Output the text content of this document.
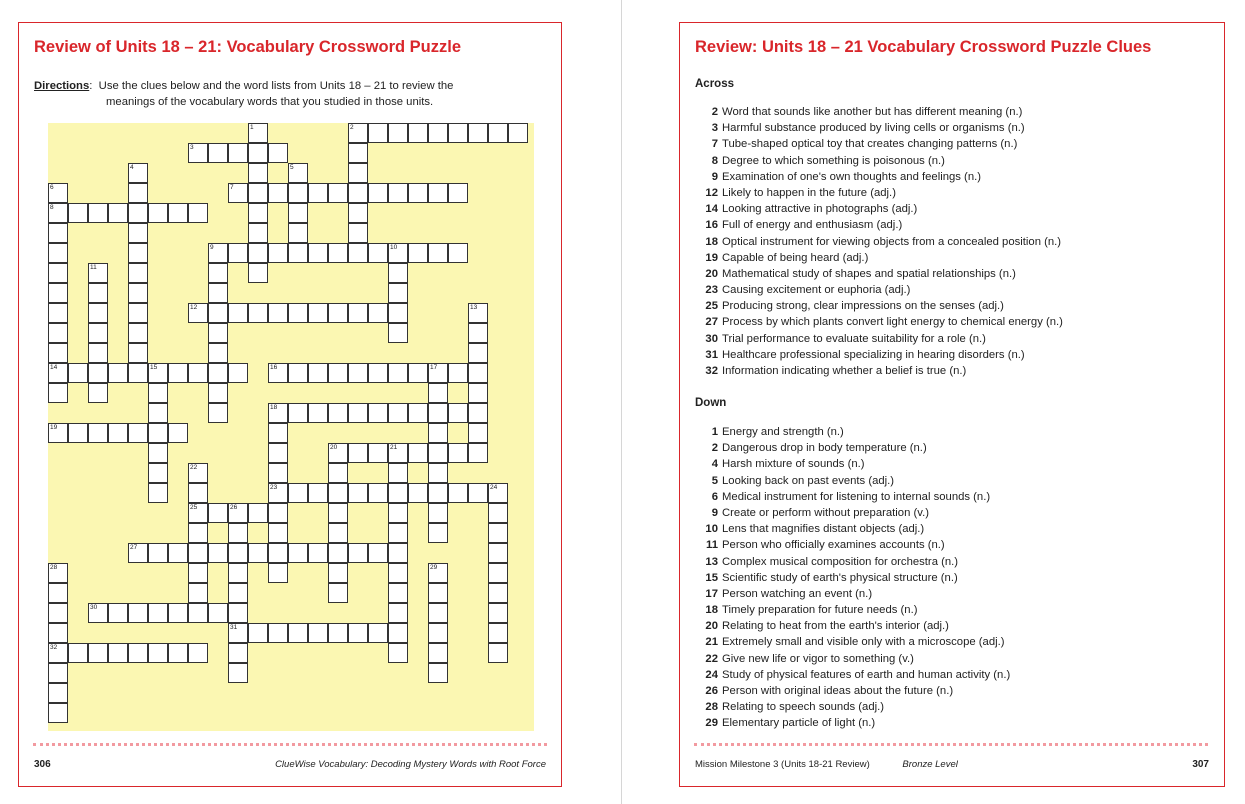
Review of Units 18 – 21: Vocabulary Crossword Puzzle
Directions:  Use the clues below and the word lists from Units 18 – 21 to review the
meanings of the vocabulary words that you studied in those units.
1	2
3
4	5
6	7
8
9	10
11
12	13
14	15	16	17
18
19
20	21
22
23	24
25	26
27
28	29
30
31
32
306	ClueWise Vocabulary: Decoding Mystery Words with Root Force
Review: Units 18 – 21 Vocabulary Crossword Puzzle Clues
Across
2 Word that sounds like another but has different meaning (n.)
3 Harmful substance produced by living cells or organisms (n.)
7 Tube-shaped optical toy that creates changing patterns (n.)
8 Degree to which something is poisonous (n.)
9 Examination of one's own thoughts and feelings (n.)
12 Likely to happen in the future (adj.)
14 Looking attractive in photographs (adj.)
16 Full of energy and enthusiasm (adj.)
18 Optical instrument for viewing objects from a concealed position (n.)
19 Capable of being heard (adj.)
20 Mathematical study of shapes and spatial relationships (n.)
23 Causing excitement or euphoria (adj.)
25 Producing strong, clear impressions on the senses (adj.)
27 Process by which plants convert light energy to chemical energy (n.)
30 Trial performance to evaluate suitability for a role (n.)
31 Healthcare professional specializing in hearing disorders (n.)
32 Information indicating whether a belief is true (n.)
Down
1 Energy and strength (n.)
2 Dangerous drop in body temperature (n.)
4 Harsh mixture of sounds (n.)
5 Looking back on past events (adj.)
6 Medical instrument for listening to internal sounds (n.)
9 Create or perform without preparation (v.)
10 Lens that magnifies distant objects (adj.)
11 Person who officially examines accounts (n.)
13 Complex musical composition for orchestra (n.)
15 Scientific study of earth's physical structure (n.)
17 Person watching an event (n.)
18 Timely preparation for future needs (n.)
20 Relating to heat from the earth's interior (adj.)
21 Extremely small and visible only with a microscope (adj.)
22 Give new life or vigor to something (v.)
24 Study of physical features of earth and human activity (n.)
26 Person with original ideas about the future (n.)
28 Relating to speech sounds (adj.)
29 Elementary particle of light (n.)
Mission Milestone 3 (Units 18-21 Review)	Bronze Level	307
